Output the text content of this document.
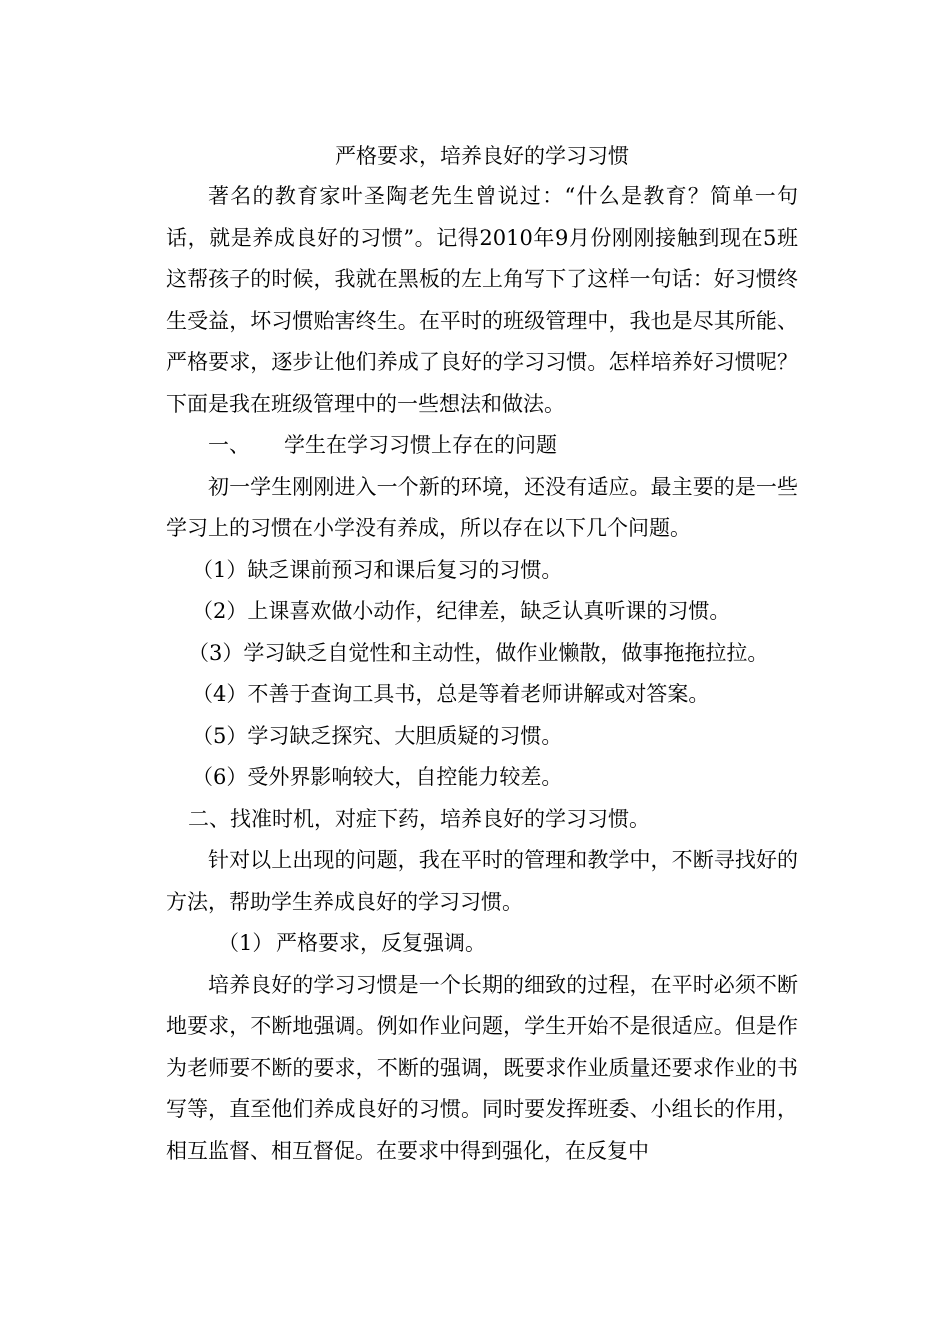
严格要求，培养良好的学习习惯

著名的教育家叶圣陶老先生曾说过：“什么是教育？简单一句话，就是养成良好的习惯”。记得2010年9月份刚刚接触到现在5班这帮孩子的时候，我就在黑板的左上角写下了这样一句话：好习惯终生受益，坏习惯贻害终生。在平时的班级管理中，我也是尽其所能、严格要求，逐步让他们养成了良好的学习习惯。怎样培养好习惯呢？下面是我在班级管理中的一些想法和做法。

一、 学生在学习习惯上存在的问题

初一学生刚刚进入一个新的环境，还没有适应。最主要的是一些学习上的习惯在小学没有养成，所以存在以下几个问题。

（1）缺乏课前预习和课后复习的习惯。

（2）上课喜欢做小动作，纪律差，缺乏认真听课的习惯。

（3）学习缺乏自觉性和主动性，做作业懒散，做事拖拖拉拉。

（4）不善于查询工具书，总是等着老师讲解或对答案。

（5）学习缺乏探究、大胆质疑的习惯。

（6）受外界影响较大，自控能力较差。

二、找准时机，对症下药，培养良好的学习习惯。

针对以上出现的问题，我在平时的管理和教学中，不断寻找好的方法，帮助学生养成良好的学习习惯。

（1） 严格要求，反复强调。

培养良好的学习习惯是一个长期的细致的过程，在平时必须不断地要求，不断地强调。例如作业问题，学生开始不是很适应。但是作为老师要不断的要求，不断的强调，既要求作业质量还要求作业的书写等，直至他们养成良好的习惯。同时要发挥班委、小组长的作用，相互监督、相互督促。在要求中得到强化，在反复中
